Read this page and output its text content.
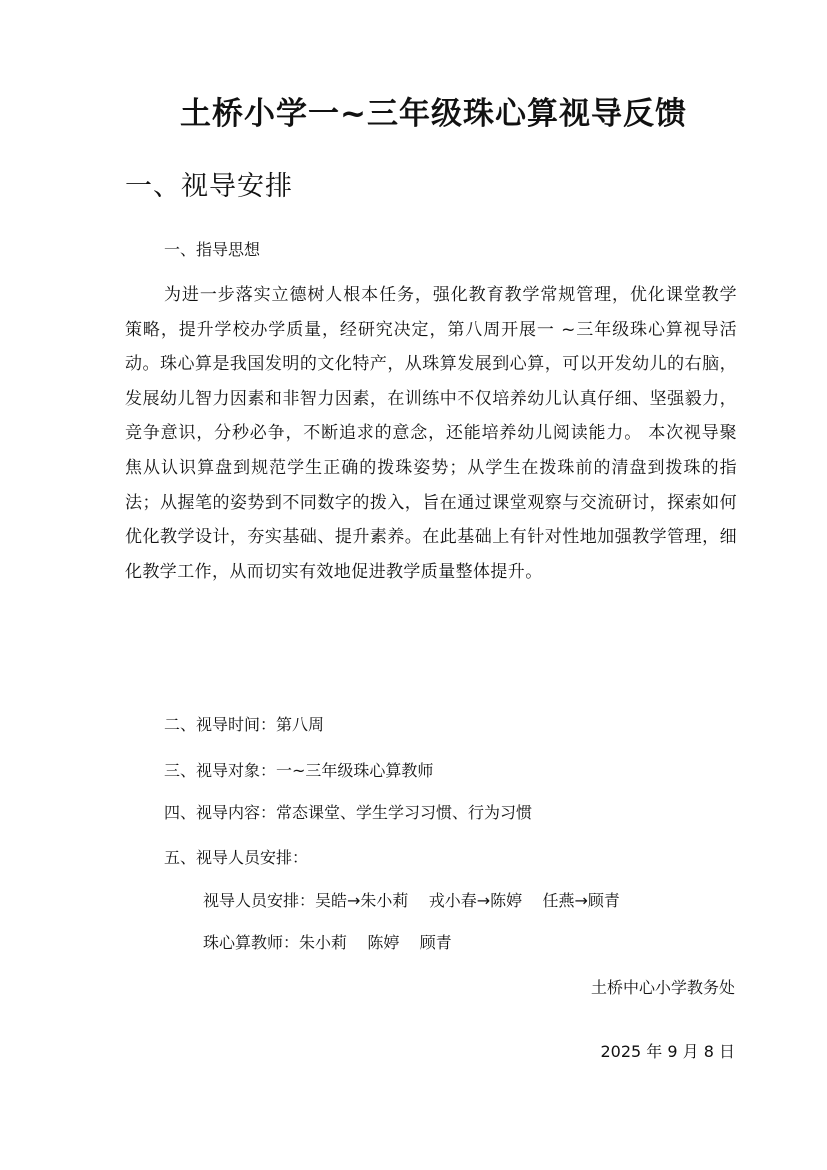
土桥小学一~三年级珠心算视导反馈
一、视导安排
一、指导思想
为进一步落实立德树人根本任务，强化教育教学常规管理，优化课堂教学策略，提升学校办学质量，经研究决定，第八周开展一 ~三年级珠心算视导活动。珠心算是我国发明的文化特产，从珠算发展到心算，可以开发幼儿的右脑，发展幼儿智力因素和非智力因素，在训练中不仅培养幼儿认真仔细、坚强毅力，竞争意识，分秒必争，不断追求的意念，还能培养幼儿阅读能力。 本次视导聚焦从认识算盘到规范学生正确的拨珠姿势；从学生在拨珠前的清盘到拨珠的指法；从握笔的姿势到不同数字的拨入，旨在通过课堂观察与交流研讨，探索如何优化教学设计，夯实基础、提升素养。在此基础上有针对性地加强教学管理，细化教学工作，从而切实有效地促进教学质量整体提升。
二、视导时间：第八周
三、视导对象：一~三年级珠心算教师
四、视导内容：常态课堂、学生学习习惯、行为习惯
五、视导人员安排：
视导人员安排：吴皓→朱小莉    戎小春→陈婷    任燕→顾青
珠心算教师：朱小莉    陈婷    顾青
土桥中心小学教务处
2025 年 9 月 8 日
